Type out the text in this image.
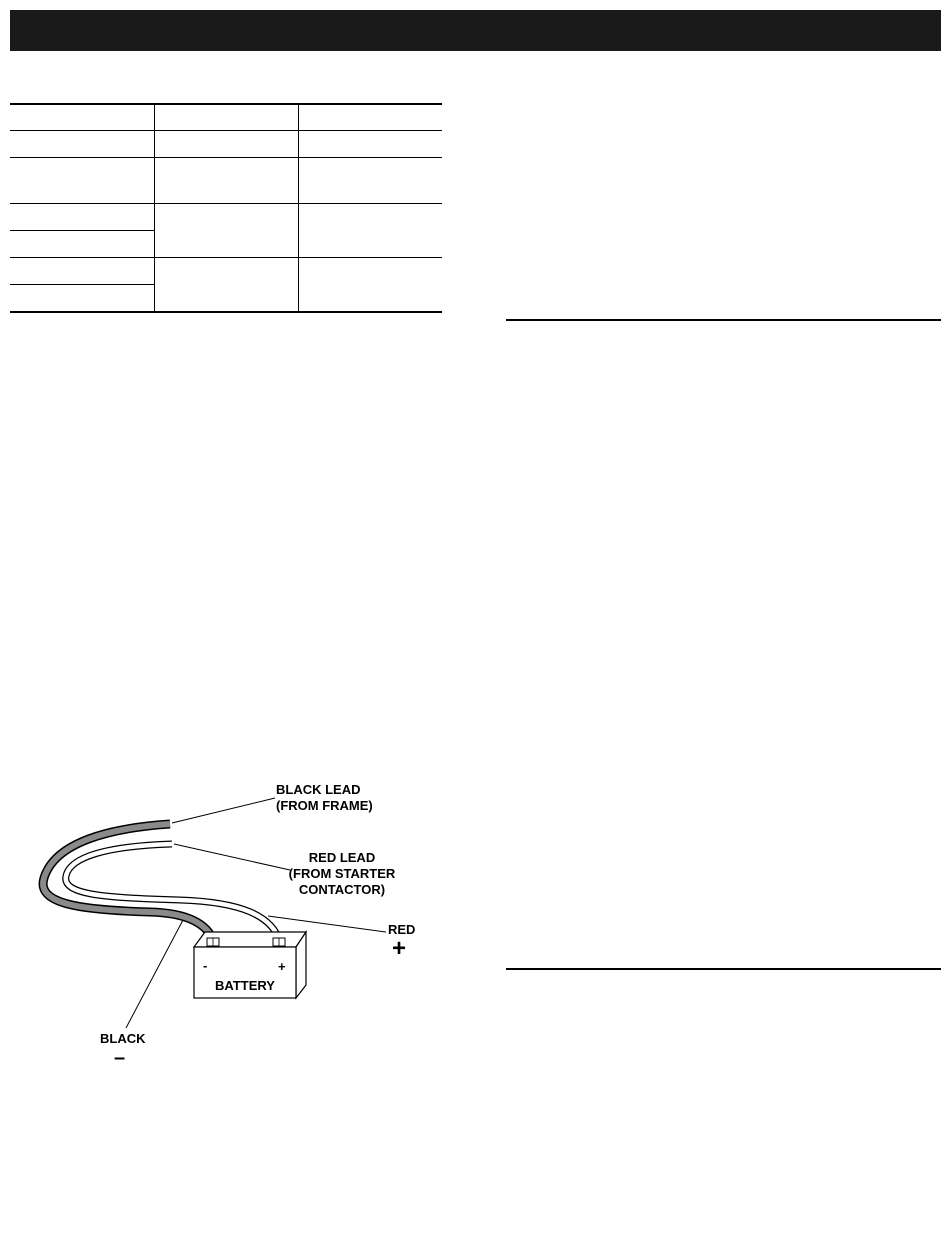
-	+
BATTERY
BLACK LEAD
(FROM FRAME)
RED LEAD
(FROM STARTER
CONTACTOR)
RED
+
BLACK
–
